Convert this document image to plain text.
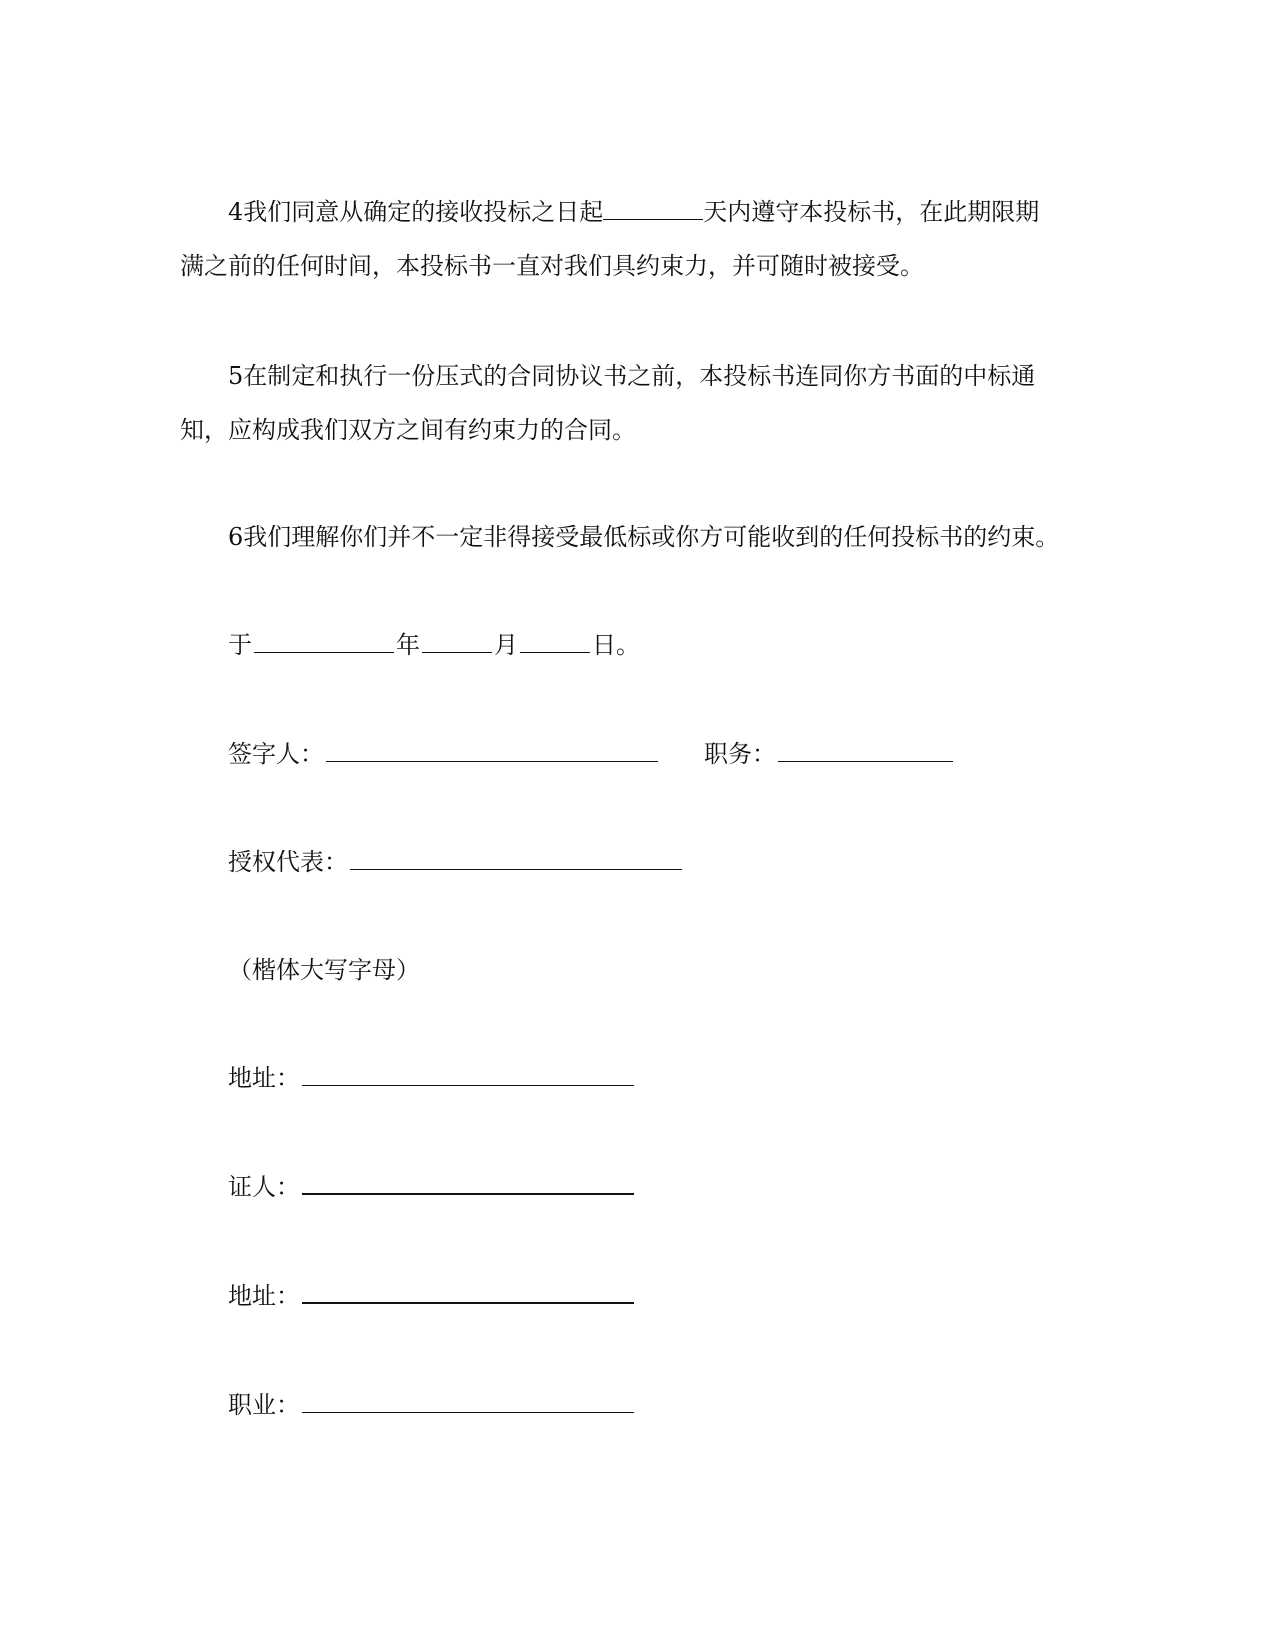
4我们同意从确定的接收投标之日起	天内遵守本投标书，在此期限期
满之前的任何时间，本投标书一直对我们具约束力，并可随时被接受。
5在制定和执行一份压式的合同协议书之前，本投标书连同你方书面的中标通
知，应构成我们双方之间有约束力的合同。
6我们理解你们并不一定非得接受最低标或你方可能收到的任何投标书的约束。
于	年	月	日。
签字人：	职务：
授权代表：
（楷体大写字母）
地址：
证人：
地址：
职业：
